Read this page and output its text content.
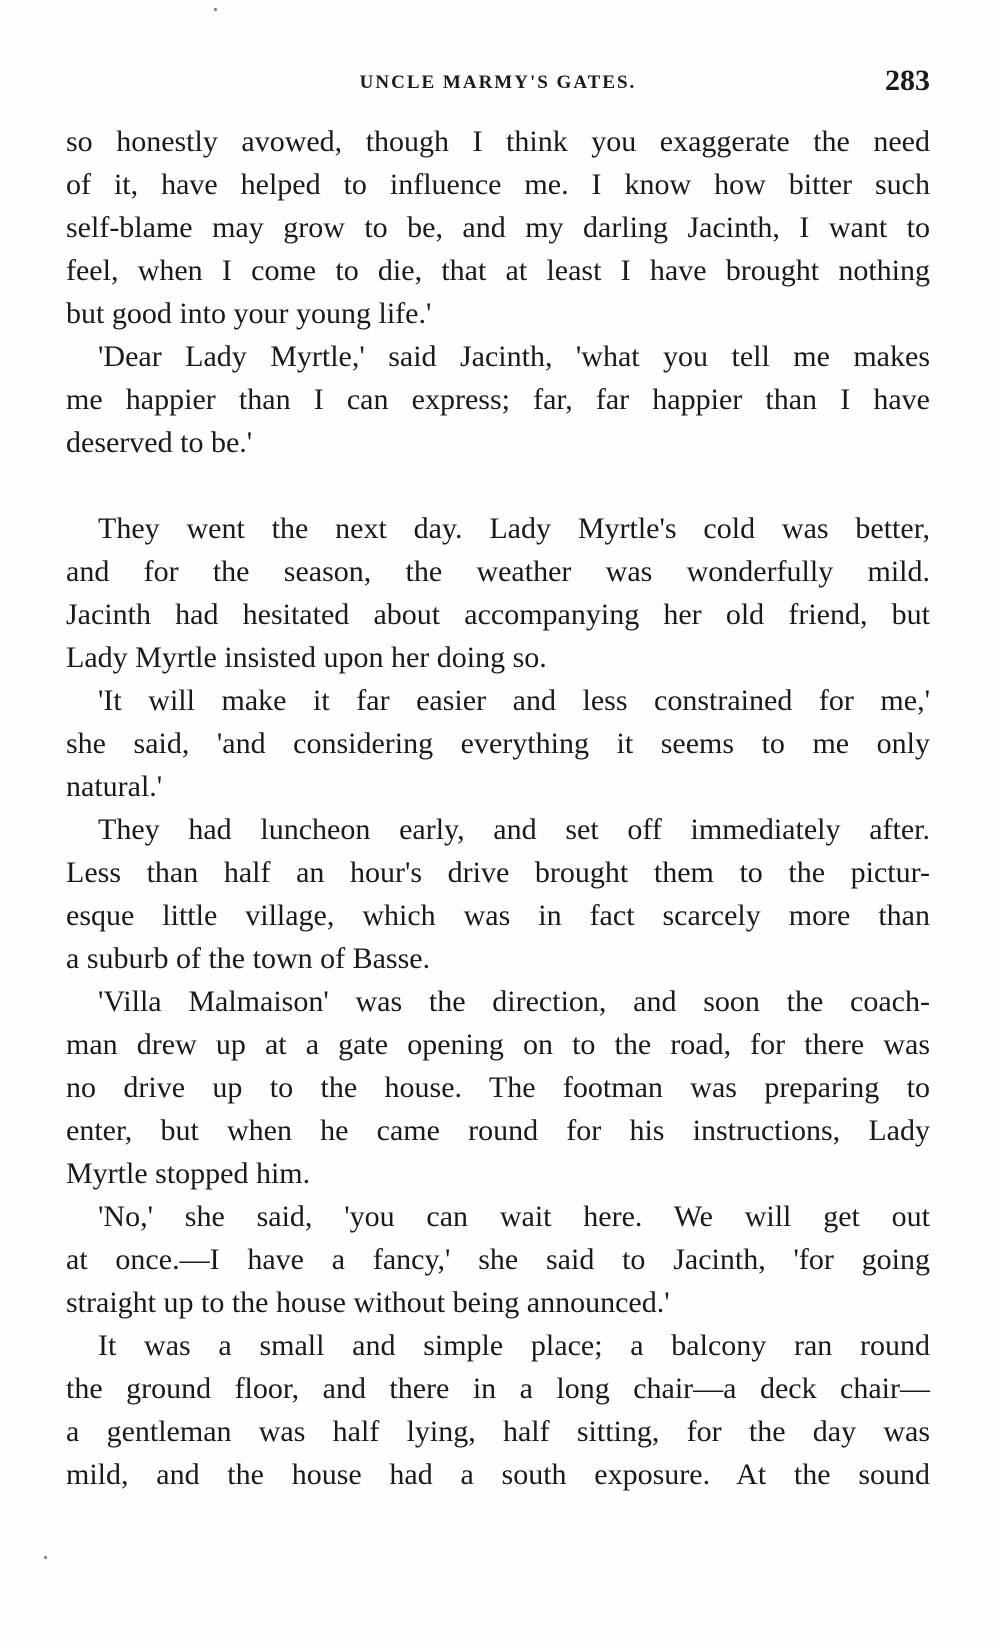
UNCLE MARMY'S GATES.	283
so honestly avowed, though I think you exaggerate the need
of it, have helped to influence me. I know how bitter such
self-blame may grow to be, and my darling Jacinth, I want to
feel, when I come to die, that at least I have brought nothing
but good into your young life.'
'Dear Lady Myrtle,' said Jacinth, 'what you tell me makes
me happier than I can express; far, far happier than I have
deserved to be.'
They went the next day. Lady Myrtle's cold was better,
and for the season, the weather was wonderfully mild.
Jacinth had hesitated about accompanying her old friend, but
Lady Myrtle insisted upon her doing so.
'It will make it far easier and less constrained for me,'
she said, 'and considering everything it seems to me only
natural.'
They had luncheon early, and set off immediately after.
Less than half an hour's drive brought them to the pictur-
esque little village, which was in fact scarcely more than
a suburb of the town of Basse.
'Villa Malmaison' was the direction, and soon the coach-
man drew up at a gate opening on to the road, for there was
no drive up to the house. The footman was preparing to
enter, but when he came round for his instructions, Lady
Myrtle stopped him.
'No,' she said, 'you can wait here. We will get out
at once.—I have a fancy,' she said to Jacinth, 'for going
straight up to the house without being announced.'
It was a small and simple place; a balcony ran round
the ground floor, and there in a long chair—a deck chair—
a gentleman was half lying, half sitting, for the day was
mild, and the house had a south exposure. At the sound
